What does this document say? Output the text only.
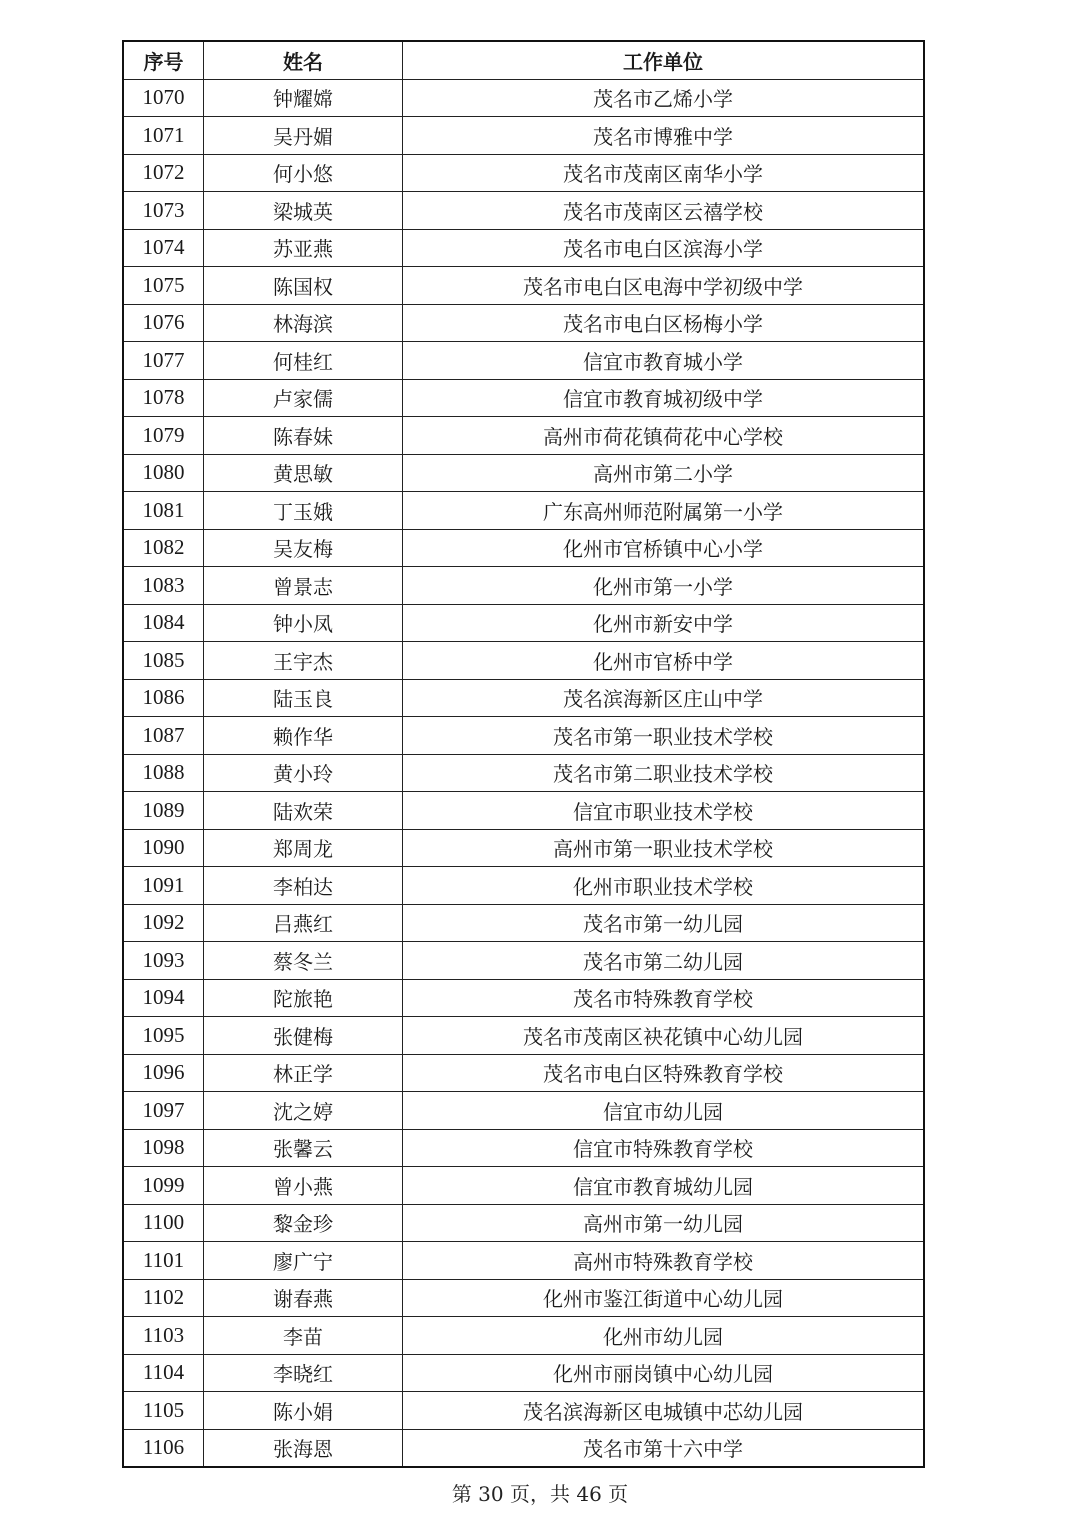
序号	姓名	工作单位
1070	钟耀嫦	茂名市乙烯小学
1071	吴丹媚	茂名市博雅中学
1072	何小悠	茂名市茂南区南华小学
1073	梁城英	茂名市茂南区云禧学校
1074	苏亚燕	茂名市电白区滨海小学
1075	陈国权	茂名市电白区电海中学初级中学
1076	林海滨	茂名市电白区杨梅小学
1077	何桂红	信宜市教育城小学
1078	卢家儒	信宜市教育城初级中学
1079	陈春妹	高州市荷花镇荷花中心学校
1080	黄思敏	高州市第二小学
1081	丁玉娥	广东高州师范附属第一小学
1082	吴友梅	化州市官桥镇中心小学
1083	曾景志	化州市第一小学
1084	钟小凤	化州市新安中学
1085	王宇杰	化州市官桥中学
1086	陆玉良	茂名滨海新区庄山中学
1087	赖作华	茂名市第一职业技术学校
1088	黄小玲	茂名市第二职业技术学校
1089	陆欢荣	信宜市职业技术学校
1090	郑周龙	高州市第一职业技术学校
1091	李柏达	化州市职业技术学校
1092	吕燕红	茂名市第一幼儿园
1093	蔡冬兰	茂名市第二幼儿园
1094	陀旅艳	茂名市特殊教育学校
1095	张健梅	茂名市茂南区袂花镇中心幼儿园
1096	林正学	茂名市电白区特殊教育学校
1097	沈之婷	信宜市幼儿园
1098	张馨云	信宜市特殊教育学校
1099	曾小燕	信宜市教育城幼儿园
1100	黎金珍	高州市第一幼儿园
1101	廖广宁	高州市特殊教育学校
1102	谢春燕	化州市鉴江街道中心幼儿园
1103	李苗	化州市幼儿园
1104	李晓红	化州市丽岗镇中心幼儿园
1105	陈小娟	茂名滨海新区电城镇中芯幼儿园
1106	张海恩	茂名市第十六中学
第 30 页，共 46 页
